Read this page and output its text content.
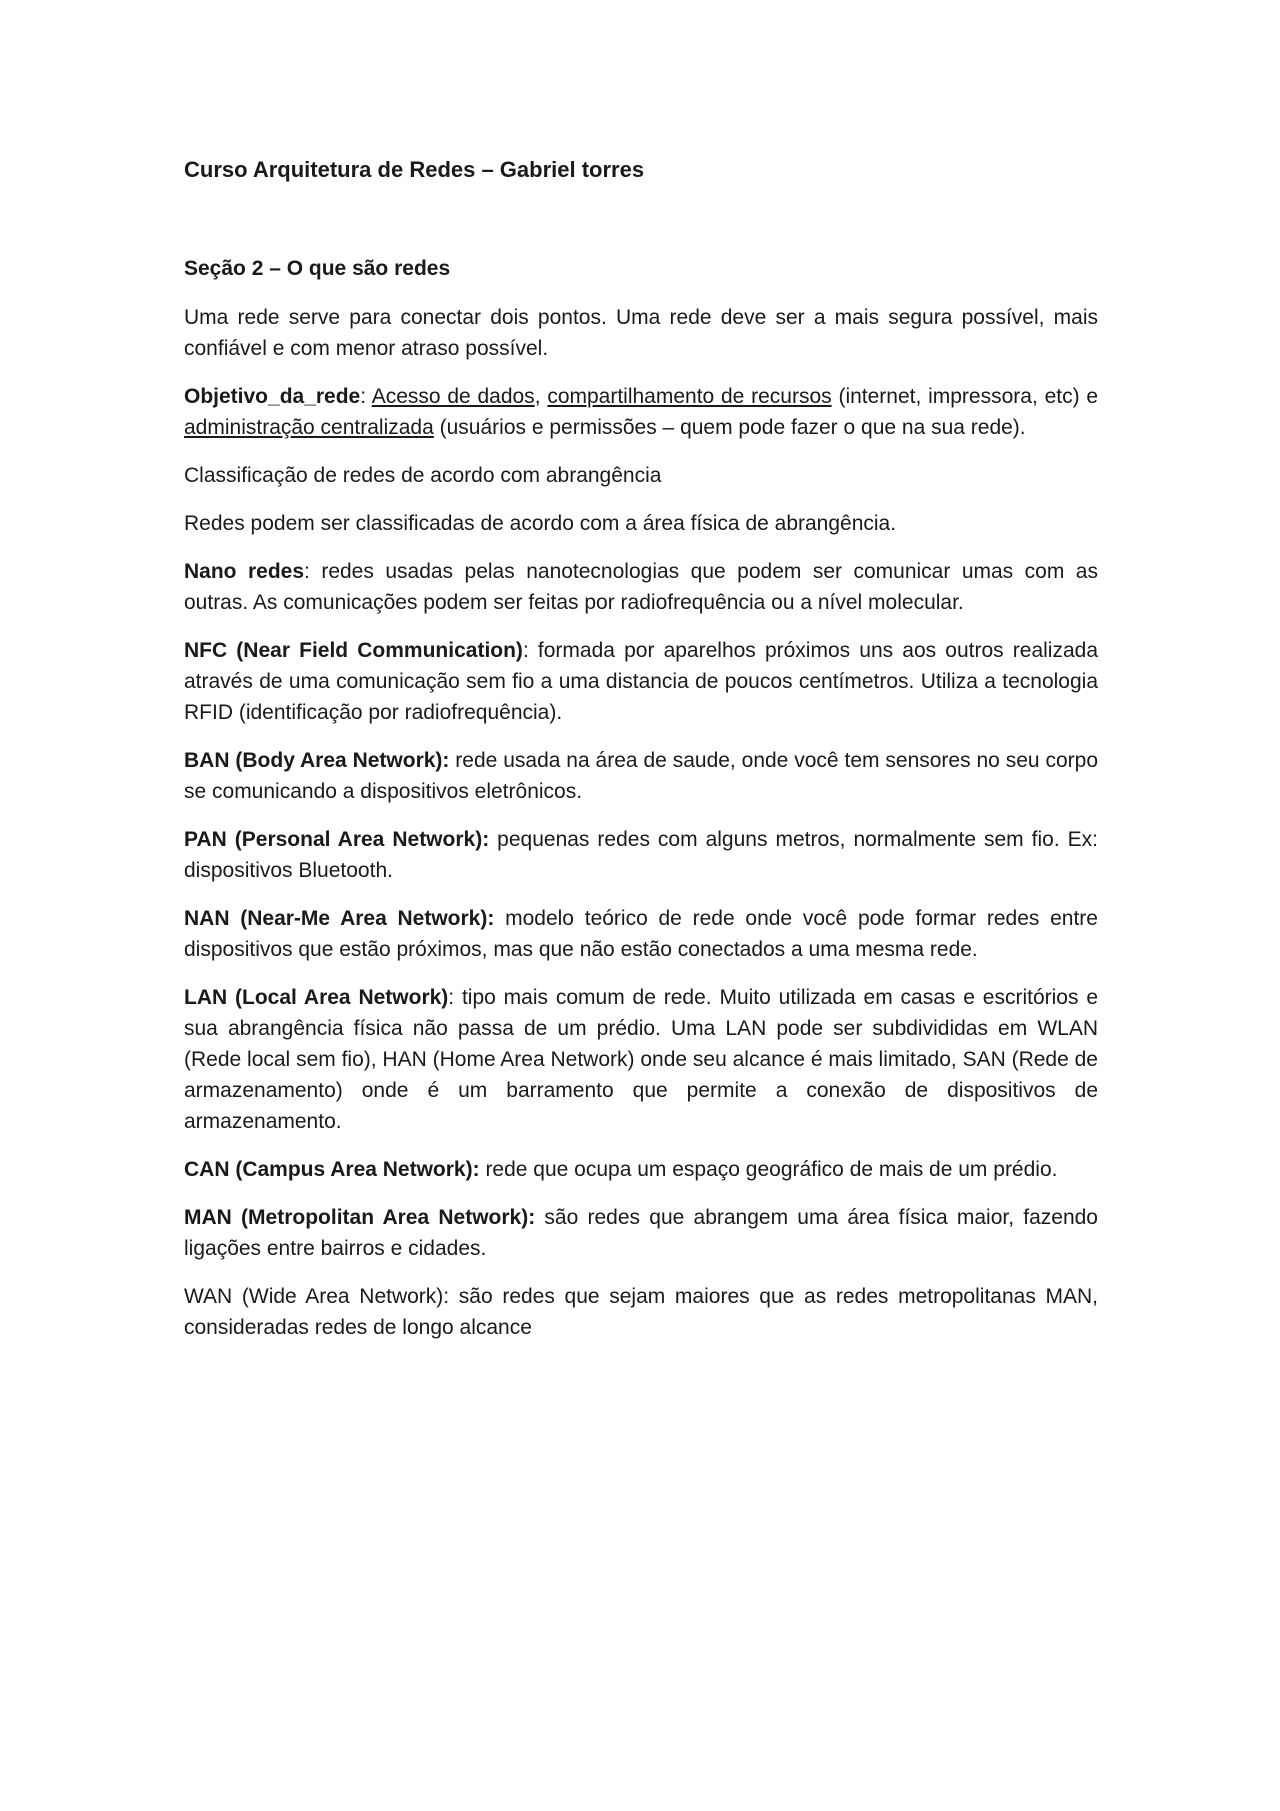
Curso Arquitetura de Redes – Gabriel torres
Seção 2 – O que são redes

Uma rede serve para conectar dois pontos. Uma rede deve ser a mais segura possível, mais confiável e com menor atraso possível.

Objetivo_da_rede: Acesso de dados, compartilhamento de recursos (internet, impressora, etc) e administração centralizada (usuários e permissões – quem pode fazer o que na sua rede).

Classificação de redes de acordo com abrangência

Redes podem ser classificadas de acordo com a área física de abrangência.

Nano redes: redes usadas pelas nanotecnologias que podem ser comunicar umas com as outras. As comunicações podem ser feitas por radiofrequência ou a nível molecular.

NFC (Near Field Communication): formada por aparelhos próximos uns aos outros realizada através de uma comunicação sem fio a uma distancia de poucos centímetros. Utiliza a tecnologia RFID (identificação por radiofrequência).

BAN (Body Area Network): rede usada na área de saude, onde você tem sensores no seu corpo se comunicando a dispositivos eletrônicos.

PAN (Personal Area Network): pequenas redes com alguns metros, normalmente sem fio. Ex: dispositivos Bluetooth.

NAN (Near-Me Area Network): modelo teórico de rede onde você pode formar redes entre dispositivos que estão próximos, mas que não estão conectados a uma mesma rede.

LAN (Local Area Network): tipo mais comum de rede. Muito utilizada em casas e escritórios e sua abrangência física não passa de um prédio. Uma LAN pode ser subdivididas em WLAN (Rede local sem fio), HAN (Home Area Network) onde seu alcance é mais limitado, SAN (Rede de armazenamento) onde é um barramento que permite a conexão de dispositivos de armazenamento.

CAN (Campus Area Network): rede que ocupa um espaço geográfico de mais de um prédio.

MAN (Metropolitan Area Network): são redes que abrangem uma área física maior, fazendo ligações entre bairros e cidades.

WAN (Wide Area Network): são redes que sejam maiores que as redes metropolitanas MAN, consideradas redes de longo alcance
